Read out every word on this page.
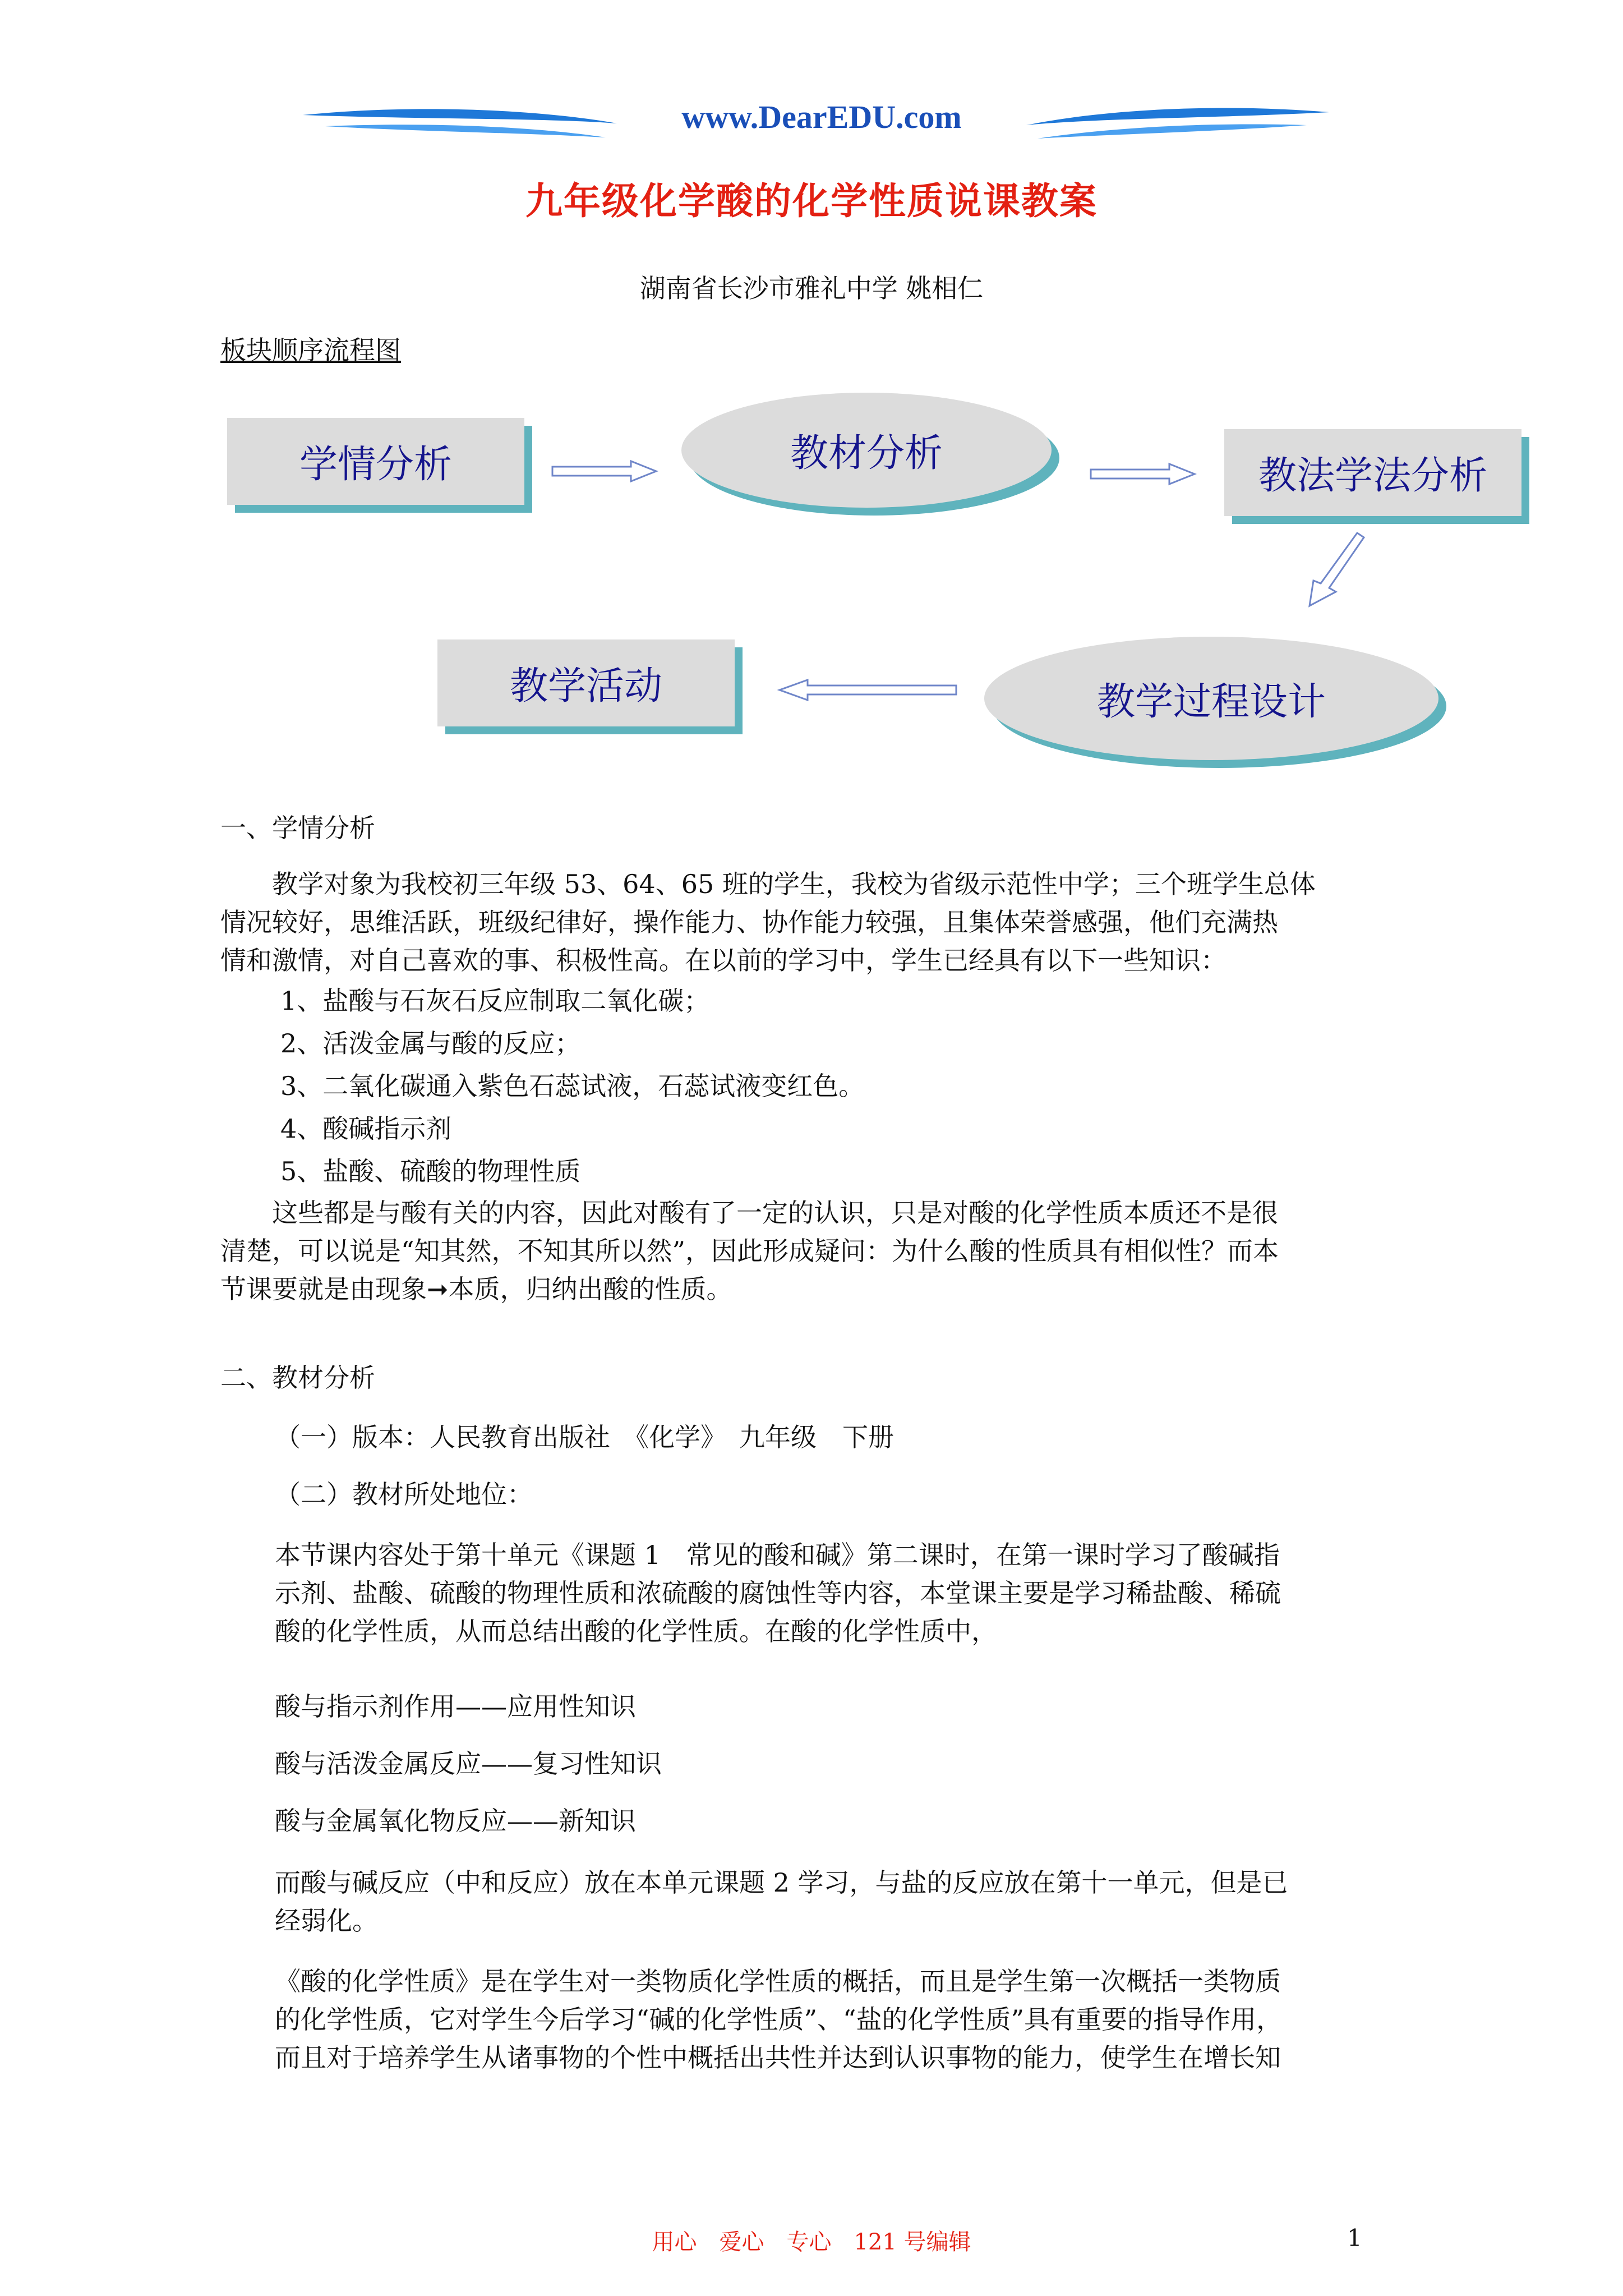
www.DearEDU.com
九年级化学酸的化学性质说课教案
湖南省长沙市雅礼中学 姚相仁
板块顺序流程图
学情分析	教材分析
教法学法分析
教学过程设计
教学活动
一、学情分析
　　教学对象为我校初三年级 53、64、65 班的学生，我校为省级示范性中学；三个班学生总体
情况较好，思维活跃，班级纪律好，操作能力、协作能力较强，且集体荣誉感强，他们充满热
情和激情，对自己喜欢的事、积极性高。在以前的学习中，学生已经具有以下一些知识：
1、盐酸与石灰石反应制取二氧化碳；
2、活泼金属与酸的反应；
3、二氧化碳通入紫色石蕊试液，石蕊试液变红色。
4、酸碱指示剂
5、盐酸、硫酸的物理性质
　　这些都是与酸有关的内容，因此对酸有了一定的认识，只是对酸的化学性质本质还不是很
清楚，可以说是“知其然，不知其所以然”，因此形成疑问：为什么酸的性质具有相似性？而本
节课要就是由现象➞本质，归纳出酸的性质。
二、教材分析
（一）版本：人民教育出版社　《化学》　九年级　下册
（二）教材所处地位：
本节课内容处于第十单元《课题 1　常见的酸和碱》第二课时，在第一课时学习了酸碱指
示剂、盐酸、硫酸的物理性质和浓硫酸的腐蚀性等内容，本堂课主要是学习稀盐酸、稀硫
酸的化学性质，从而总结出酸的化学性质。在酸的化学性质中，
酸与指示剂作用——应用性知识
酸与活泼金属反应——复习性知识
酸与金属氧化物反应——新知识
而酸与碱反应（中和反应）放在本单元课题 2 学习，与盐的反应放在第十一单元，但是已
经弱化。
《酸的化学性质》是在学生对一类物质化学性质的概括，而且是学生第一次概括一类物质
的化学性质，它对学生今后学习“碱的化学性质”、“盐的化学性质”具有重要的指导作用，
而且对于培养学生从诸事物的个性中概括出共性并达到认识事物的能力，使学生在增长知
用心　爱心　专心　121 号编辑	1
